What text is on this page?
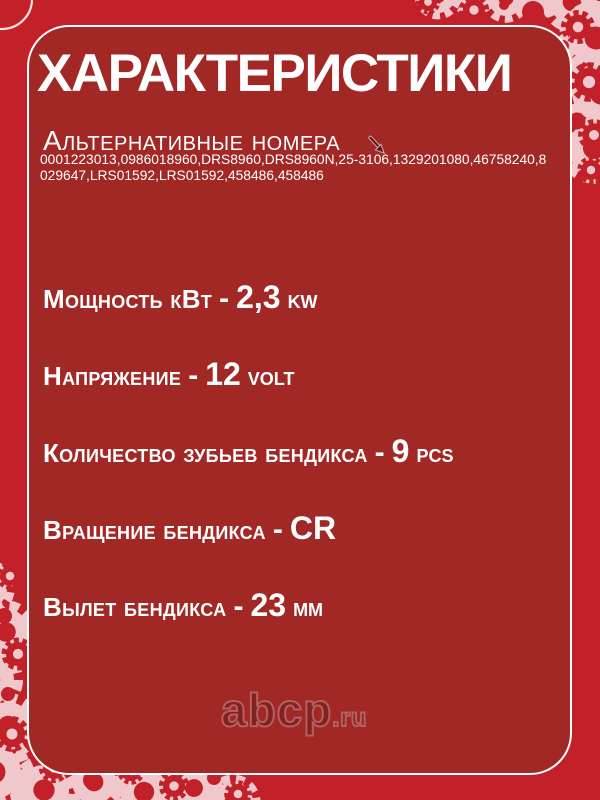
ХАРАКТЕРИСТИКИ
Альтернативные номера
0001223013,0986018960,DRS8960,DRS8960N,25-3106,1329201080,46758240,8029647,LRS01592,LRS01592,458486,458486
Мощность кВт - 2,3 kw
Напряжение - 12 volt
Количество зубьев бендикса - 9 pcs
Вращение бендикса - CR
Вылет бендикса - 23 мм
abcp.ru
